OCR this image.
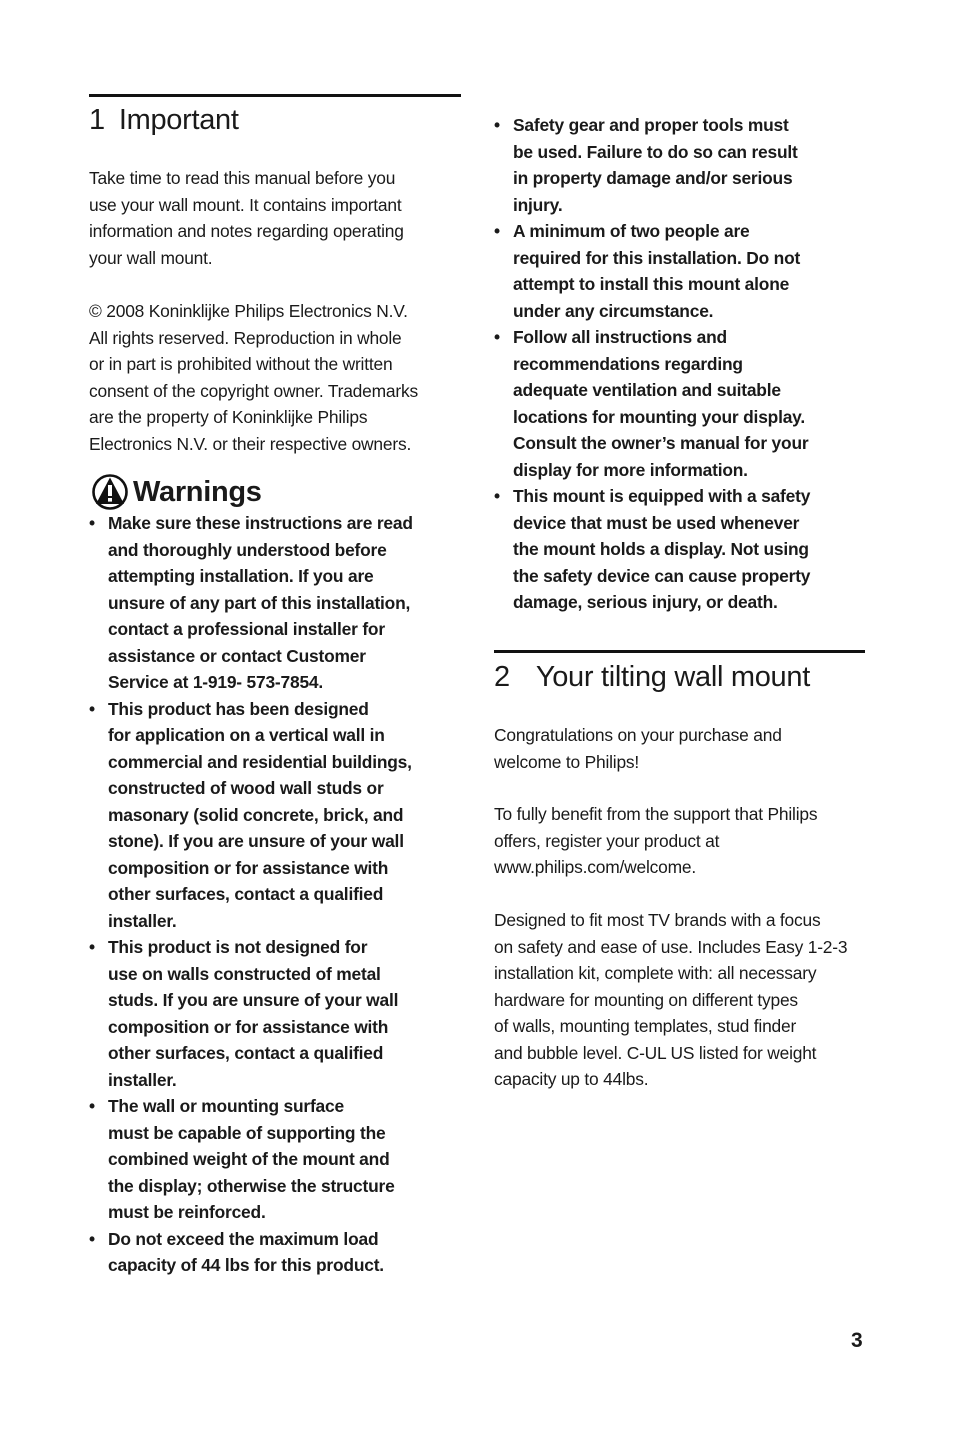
1 Important

Take time to read this manual before you
use your wall mount. It contains important
information and notes regarding operating
your wall mount.

© 2008 Koninklijke Philips Electronics N.V.
All rights reserved. Reproduction in whole
or in part is prohibited without the written
consent of the copyright owner. Trademarks
are the property of Koninklijke Philips
Electronics N.V. or their respective owners.

Warnings
• Make sure these instructions are read
and thoroughly understood before
attempting installation. If you are
unsure of any part of this installation,
contact a professional installer for
assistance or contact Customer
Service at 1-919- 573-7854.
• This product has been designed
for application on a vertical wall in
commercial and residential buildings,
constructed of wood wall studs or
masonary (solid concrete, brick, and
stone). If you are unsure of your wall
composition or for assistance with
other surfaces, contact a qualified
installer.
• This product is not designed for
use on walls constructed of metal
studs. If you are unsure of your wall
composition or for assistance with
other surfaces, contact a qualified
installer.
• The wall or mounting surface
must be capable of supporting the
combined weight of the mount and
the display; otherwise the structure
must be reinforced.
• Do not exceed the maximum load
capacity of 44 lbs for this product.
• Safety gear and proper tools must
be used. Failure to do so can result
in property damage and/or serious
injury.
• A minimum of two people are
required for this installation. Do not
attempt to install this mount alone
under any circumstance.
• Follow all instructions and
recommendations regarding
adequate ventilation and suitable
locations for mounting your display.
Consult the owner’s manual for your
display for more information.
• This mount is equipped with a safety
device that must be used whenever
the mount holds a display. Not using
the safety device can cause property
damage, serious injury, or death.
2 Your tilting wall mount

Congratulations on your purchase and
welcome to Philips!

To fully benefit from the support that Philips
offers, register your product at
www.philips.com/welcome.

Designed to fit most TV brands with a focus
on safety and ease of use. Includes Easy 1-2-3
installation kit, complete with: all necessary
hardware for mounting on different types
of walls, mounting templates, stud finder
and bubble level. C-UL US listed for weight
capacity up to 44lbs.

3
